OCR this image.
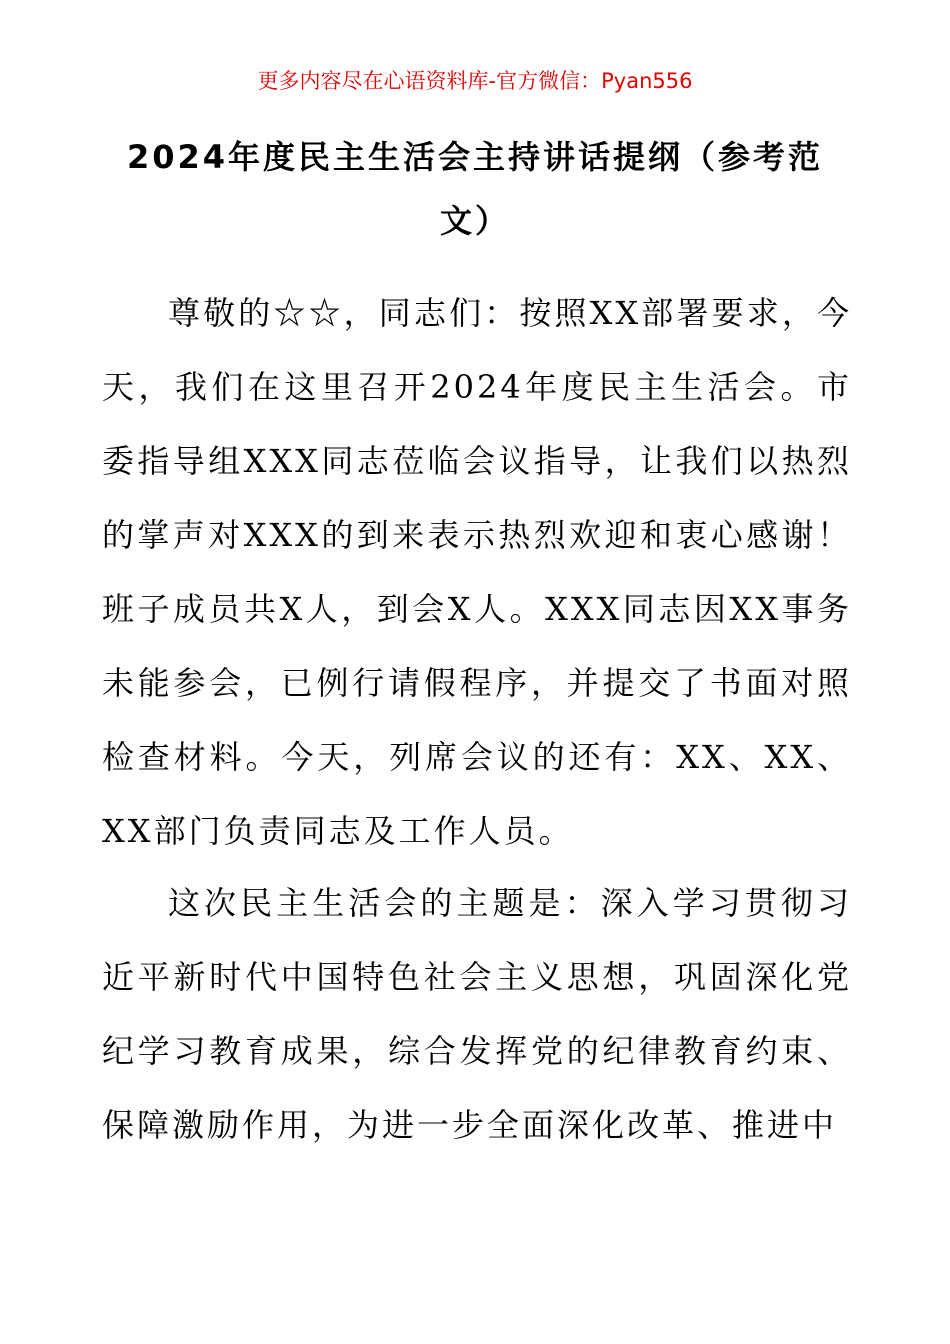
更多内容尽在心语资料库-官方微信：Pyan556
2024年度民主生活会主持讲话提纲（参考范文）

尊敬的☆☆，同志们：按照XX部署要求，今天，我们在这里召开2024年度民主生活会。市委指导组XXX同志莅临会议指导，让我们以热烈的掌声对XXX的到来表示热烈欢迎和衷心感谢！班子成员共X人，到会X人。XXX同志因XX事务未能参会，已例行请假程序，并提交了书面对照检查材料。今天，列席会议的还有：XX、XX、XX部门负责同志及工作人员。

这次民主生活会的主题是：深入学习贯彻习近平新时代中国特色社会主义思想，巩固深化党纪学习教育成果，综合发挥党的纪律教育约束、保障激励作用，为进一步全面深化改革、推进中
